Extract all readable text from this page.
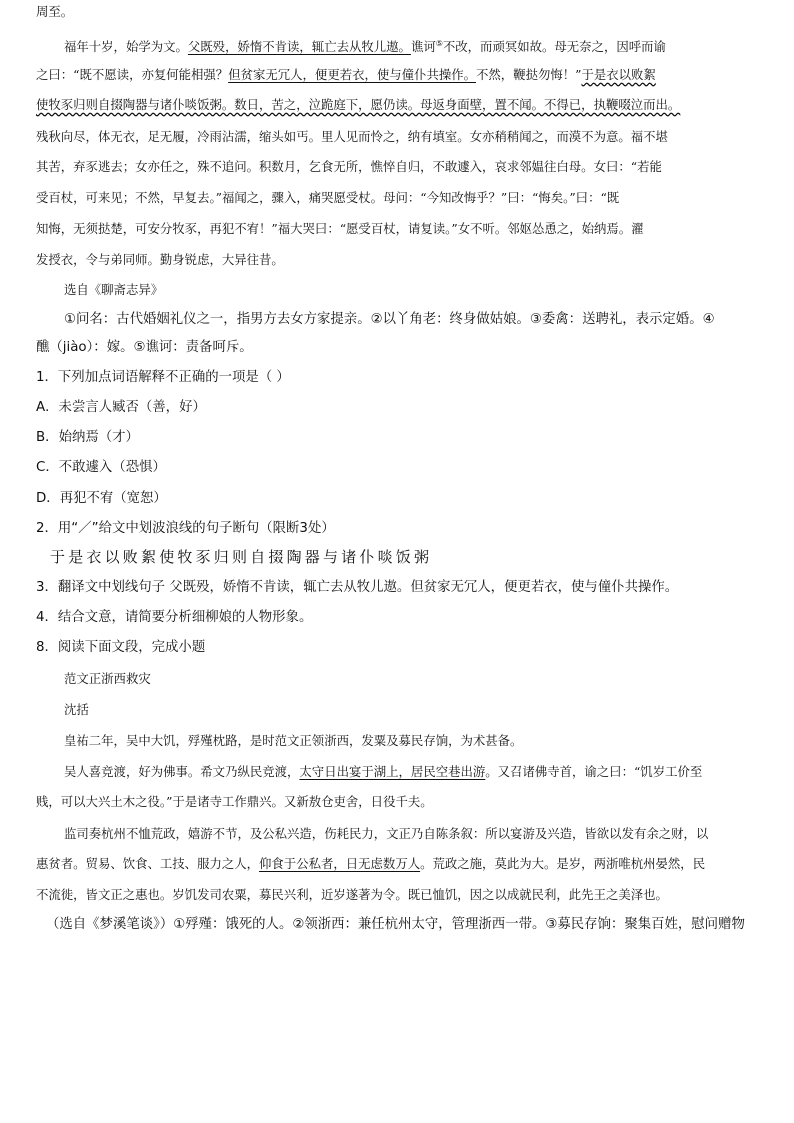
周至。
福年十岁，始学为文。父既殁，娇惰不肯读，辄亡去从牧儿遨。谯诃⑤不改，而顽冥如故。母无奈之，因呼而谕
之曰：“既不愿读，亦复何能相强？但贫家无冗人，便更若衣，使与僮仆共操作。不然，鞭挞勿悔！”于是衣以败絮
使牧豕归则自掇陶器与诸仆啖饭粥。数日，苦之，泣跪庭下，愿仍读。母返身面壁，置不闻。不得已，执鞭啜泣而出。
残秋向尽，体无衣，足无履，冷雨沾濡，缩头如丐。里人见而怜之，纳有填室。女亦稍稍闻之，而漠不为意。福不堪
其苦，弃豕逃去；女亦任之，殊不追问。积数月，乞食无所，憔悴自归，不敢遽入，哀求邻媪往白母。女曰：“若能
受百杖，可来见；不然，早复去。”福闻之，骤入，痛哭愿受杖。母问：“今知改悔乎？”曰：“悔矣。”曰：“既
知悔，无须挞楚，可安分牧豕，再犯不宥！”福大哭曰：“愿受百杖，请复读。”女不听。邻妪怂恿之，始纳焉。濯
发授衣，令与弟同师。勤身锐虑，大异往昔。
选自《聊斋志异》
①问名：古代婚姻礼仪之一，指男方去女方家提亲。②以丫角老：终身做姑娘。③委禽：送聘礼，表示定婚。④
醮（jiào）：嫁。⑤谯诃：责备呵斥。
1．下列加点词语解释不正确的一项是（ ）
A．未尝言人臧否（善，好）
B．始纳焉（才）
C．不敢遽入（恐惧）
D．再犯不宥（宽恕）
2．用“／”给文中划波浪线的句子断句（限断3处）
于是衣以败絮使牧豕归则自掇陶器与诸仆啖饭粥
3．翻译文中划线句子 父既殁，娇惰不肯读，辄亡去从牧儿遨。但贫家无冗人，便更若衣，使与僮仆共操作。
4．结合文意，请简要分析细柳娘的人物形象。
8．阅读下面文段，完成小题
范文正浙西救灾
沈括
皇祐二年，吴中大饥，殍殣枕路，是时范文正领浙西，发粟及募民存饷，为术甚备。
吴人喜竞渡，好为佛事。希文乃纵民竞渡，太守日出宴于湖上，居民空巷出游。又召诸佛寺首，谕之曰：“饥岁工价至
贱，可以大兴土木之役。”于是诸寺工作鼎兴。又新敖仓吏舍，日役千夫。
监司奏杭州不恤荒政，嬉游不节，及公私兴造，伤耗民力，文正乃自陈条叙：所以宴游及兴造，皆欲以发有余之财，以
惠贫者。贸易、饮食、工技、服力之人，仰食于公私者，日无虑数万人。荒政之施，莫此为大。是岁，两浙唯杭州晏然，民
不流徙，皆文正之惠也。岁饥发司农粟，募民兴利，近岁遂著为令。既已恤饥，因之以成就民利，此先王之美泽也。
（选自《梦溪笔谈》）①殍殣：饿死的人。②领浙西：兼任杭州太守，管理浙西一带。③募民存饷：聚集百姓，慰问赠物
